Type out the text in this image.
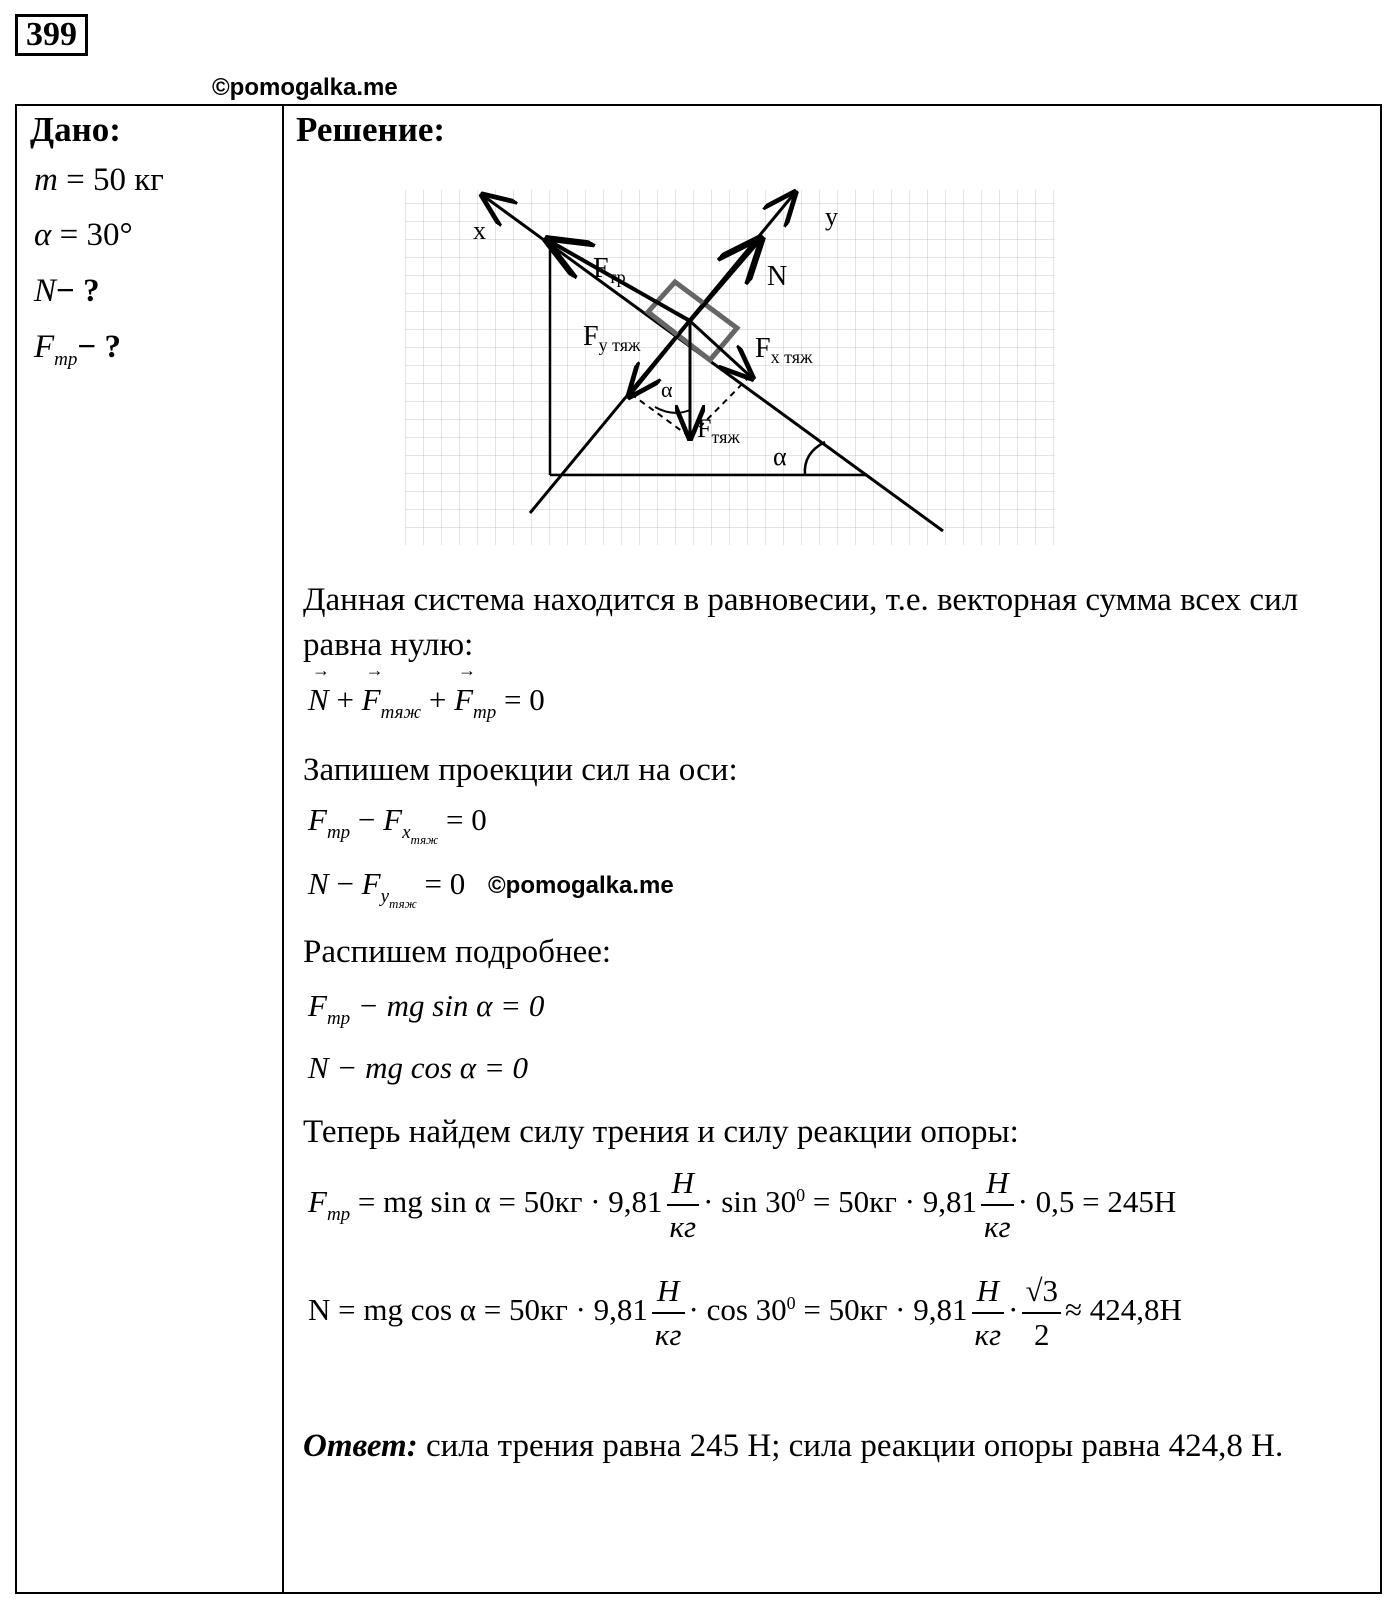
399
©pomogalka.me
Дано:
m = 50 кг
α = 30°
N− ?
$F_{тр}-$ ?
Решение:
x	y
N
$F_{тр}$
$F_{у тяж}$	$F_{x тяж}$
$F_{тяж}$
α
α
Данная система находится в равновесии, т.е. векторная сумма всех сил равна нулю:
→ N + → $F_{тяж}$ + → $F_{тр} = 0$
Запишем проекции сил на оси:
$F_{тр} - F_{xтяж} = 0$
$N - F_{yтяж} = 0$ ©pomogalka.me
Распишем подробнее:
$F_{тр}$ − mg sin α = 0
N − mg cos α = 0
Теперь найдем силу трения и силу реакции опоры:
$F_{тр}$ = mg $\sin \alpha = 50кг \cdot 9,81 \frac{Н}{кг} \cdot \sin 30^0 = 50кг \cdot 9,81 \frac{Н}{кг} \cdot 0,5 = 245Н$
N = mg $\cos \alpha = 50кг \cdot 9,81 \frac{Н}{кг} \cdot \cos 30^0 = 50кг \cdot 9,81 \frac{Н}{кг} \cdot \frac{√3}{2} \approx 424,8Н$
Ответ: сила трения равна 245 Н; сила реакции опоры равна 424,8 Н.
